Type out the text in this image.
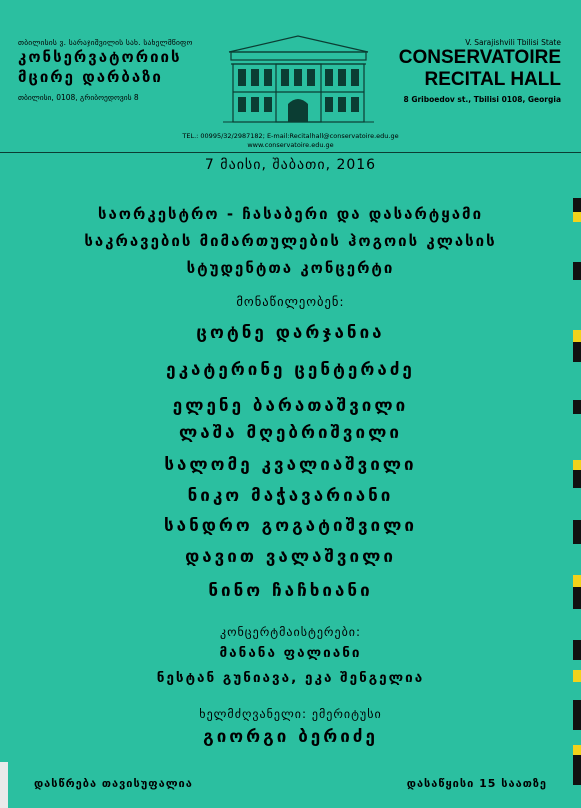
თბილისის ვ. სარაჯიშვილის სახ. სახელმწიფო
კონსერვატორიის
მცირე დარბაზი
თბილისი, 0108, გრიბოედოვის 8
V. Sarajishvili Tbilisi State
CONSERVATOIRE
RECITAL HALL
8 Griboedov st., Tbilisi 0108, Georgia
TEL.: 00995/32/2987182; E-mail:Recitalhall@conservatoire.edu.ge
www.conservatoire.edu.ge
7 მაისი, შაბათი, 2016
საორკესტრო - ჩასაბერი და დასარტყამი
საკრავების მიმართულების ჰოგოის კლასის
სტუდენტთა კონცერტი
მონაწილეობენ:
ცოტნე დარჯანია
ეკატერინე ცენტერაძე
ელენე ბარათაშვილი
ლაშა მღებრიშვილი
სალომე კვალიაშვილი
ნიკო მაჭავარიანი
სანდრო გოგატიშვილი
დავით ვალაშვილი
ნინო ჩაჩხიანი
კონცერტმაისტერები:
მანანა ფალიანი
ნესტან გუნიავა, ეკა შენგელია
ხელმძღვანელი: ემერიტუსი
გიორგი ბერიძე
დასწრება თავისუფალია	დასაწყისი 15 საათზე
